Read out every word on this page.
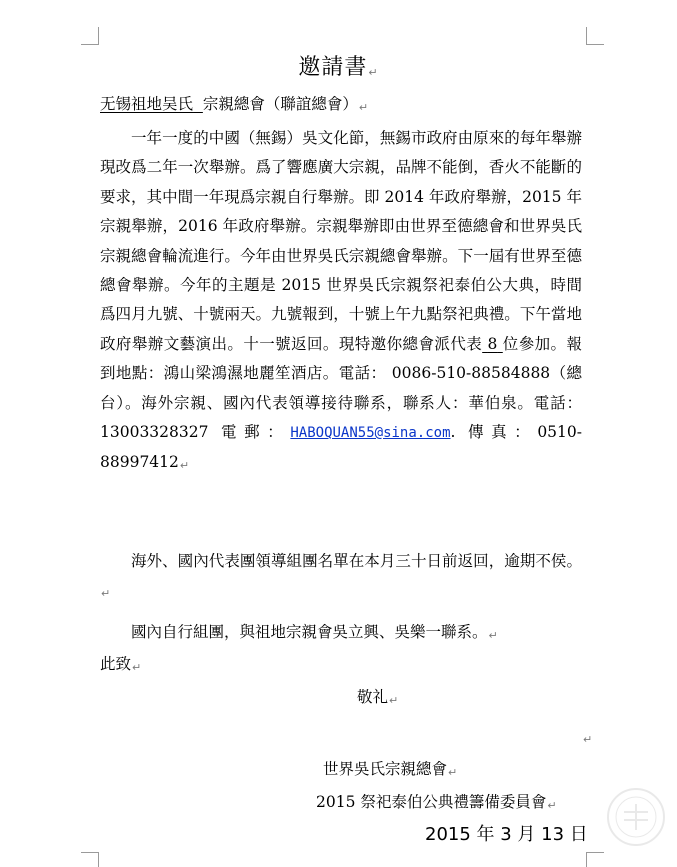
邀請書↵
无锡祖地吴氏 宗親總會（聯誼總會）↵
一年一度的中國（無錫）吳文化節，無錫市政府由原來的每年舉辦現改爲二年一次舉辦。爲了響應廣大宗親，品牌不能倒，香火不能斷的要求，其中間一年現爲宗親自行舉辦。即 2014 年政府舉辦，2015 年宗親舉辦，2016 年政府舉辦。宗親舉辦即由世界至德總會和世界吳氏宗親總會輪流進行。今年由世界吳氏宗親總會舉辦。下一屆有世界至德總會舉辦。今年的主題是 2015 世界吳氏宗親祭祀泰伯公大典，時間爲四月九號、十號兩天。九號報到，十號上午九點祭祀典禮。下午當地政府舉辦文藝演出。十一號返回。現特邀你總會派代表 8 位參加。報到地點：鴻山梁鴻濕地麗笙酒店。電話： 0086-510-88584888（總台）。海外宗親、國內代表領導接待聯系，聯系人：華伯泉。電話：13003328327 電郵：HABOQUAN55@sina.com. 傳真：0510-88997412↵
海外、國內代表團領導組團名單在本月三十日前返回，逾期不侯。↵
國內自行組團，與祖地宗親會吳立興、吳樂一聯系。↵
此致↵
敬礼↵
↵
世界吳氏宗親總會↵
2015 祭祀泰伯公典禮籌備委員會↵
2015 年 3 月 13 日
